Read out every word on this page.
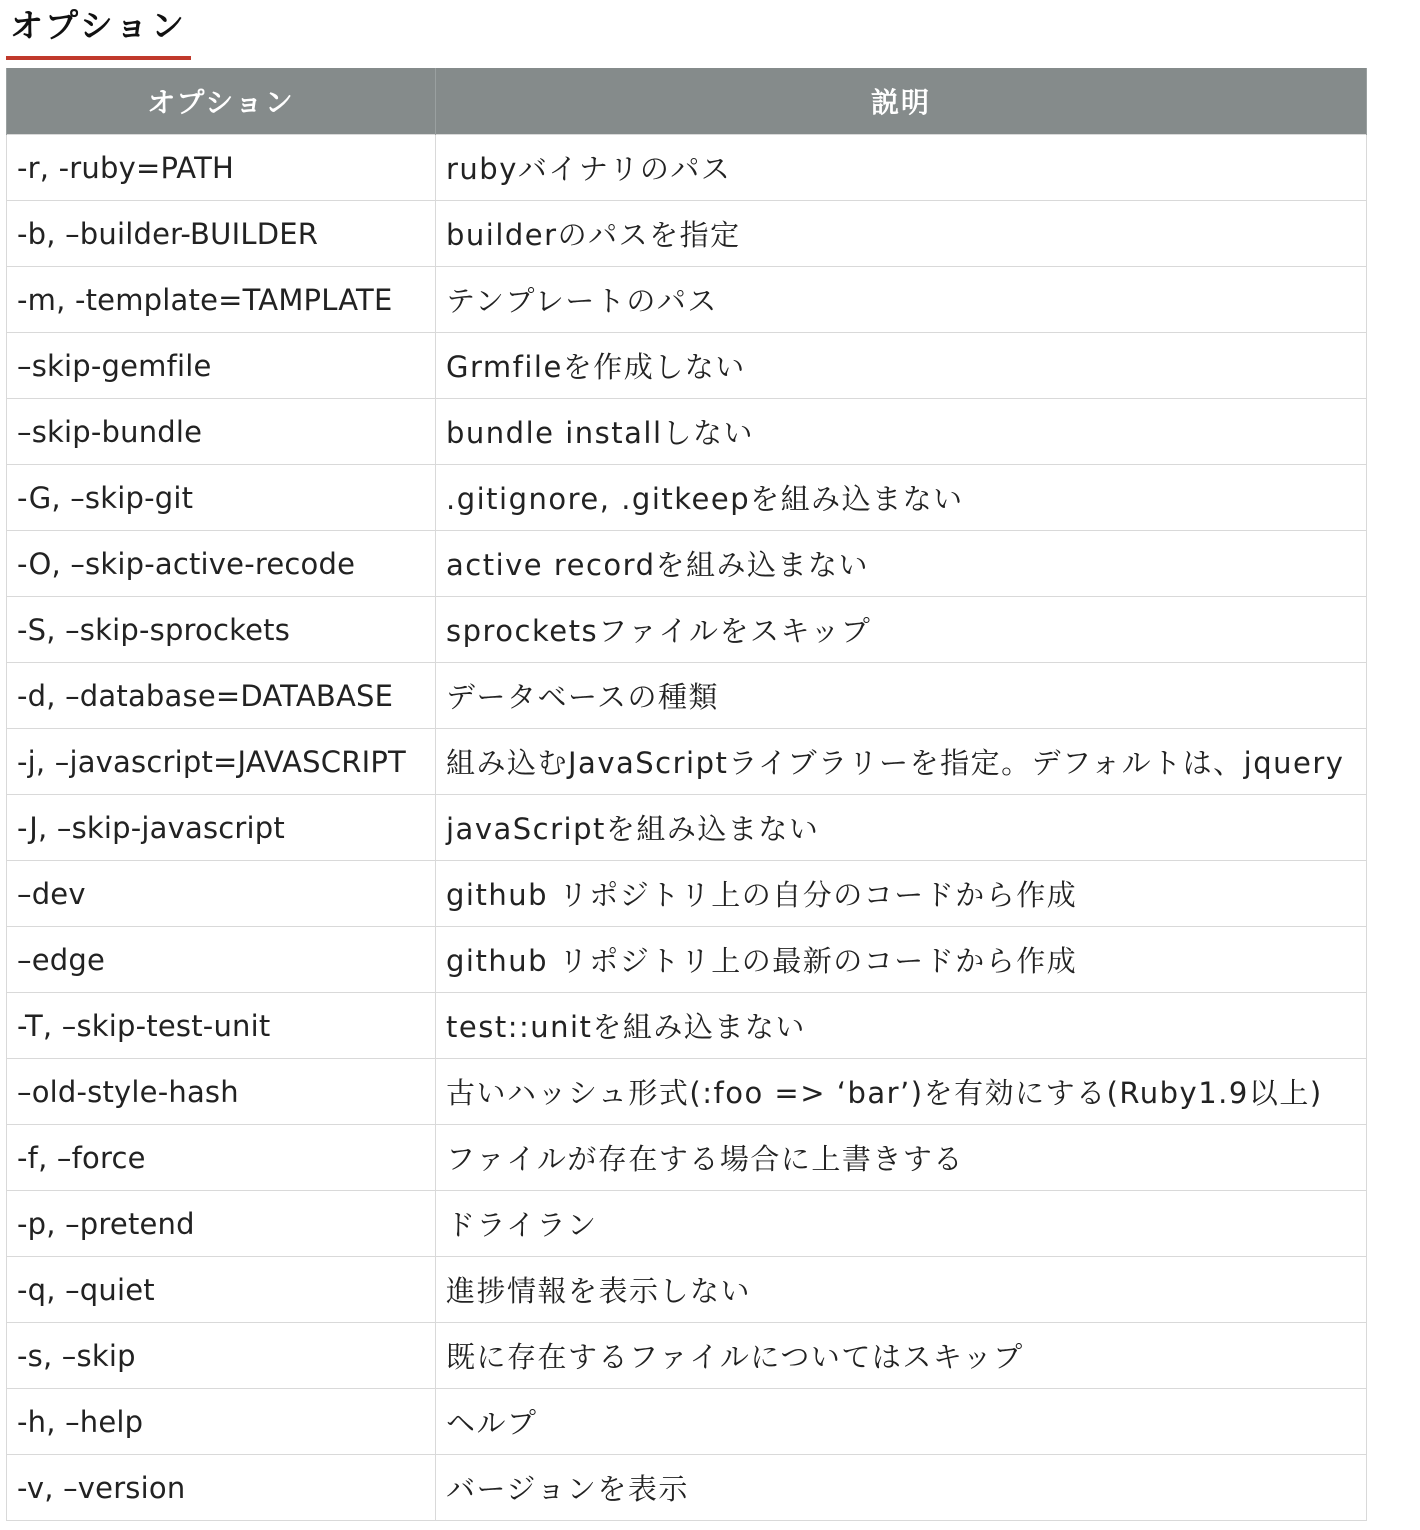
オプション
オプション	説明
-r, -ruby=PATH	rubyバイナリのパス
-b, –builder-BUILDER	builderのパスを指定
-m, -template=TAMPLATE	テンプレートのパス
–skip-gemfile	Grmfileを作成しない
–skip-bundle	bundle installしない
-G, –skip-git	.gitignore, .gitkeepを組み込まない
-O, –skip-active-recode	active recordを組み込まない
-S, –skip-sprockets	sprocketsファイルをスキップ
-d, –database=DATABASE	データベースの種類
-j, –javascript=JAVASCRIPT	組み込むJavaScriptライブラリーを指定。デフォルトは、jquery
-J, –skip-javascript	javaScriptを組み込まない
–dev	github リポジトリ上の自分のコードから作成
–edge	github リポジトリ上の最新のコードから作成
-T, –skip-test-unit	test::unitを組み込まない
–old-style-hash	古いハッシュ形式(:foo => ‘bar’)を有効にする(Ruby1.9以上)
-f, –force	ファイルが存在する場合に上書きする
-p, –pretend	ドライラン
-q, –quiet	進捗情報を表示しない
-s, –skip	既に存在するファイルについてはスキップ
-h, –help	ヘルプ
-v, –version	バージョンを表示
